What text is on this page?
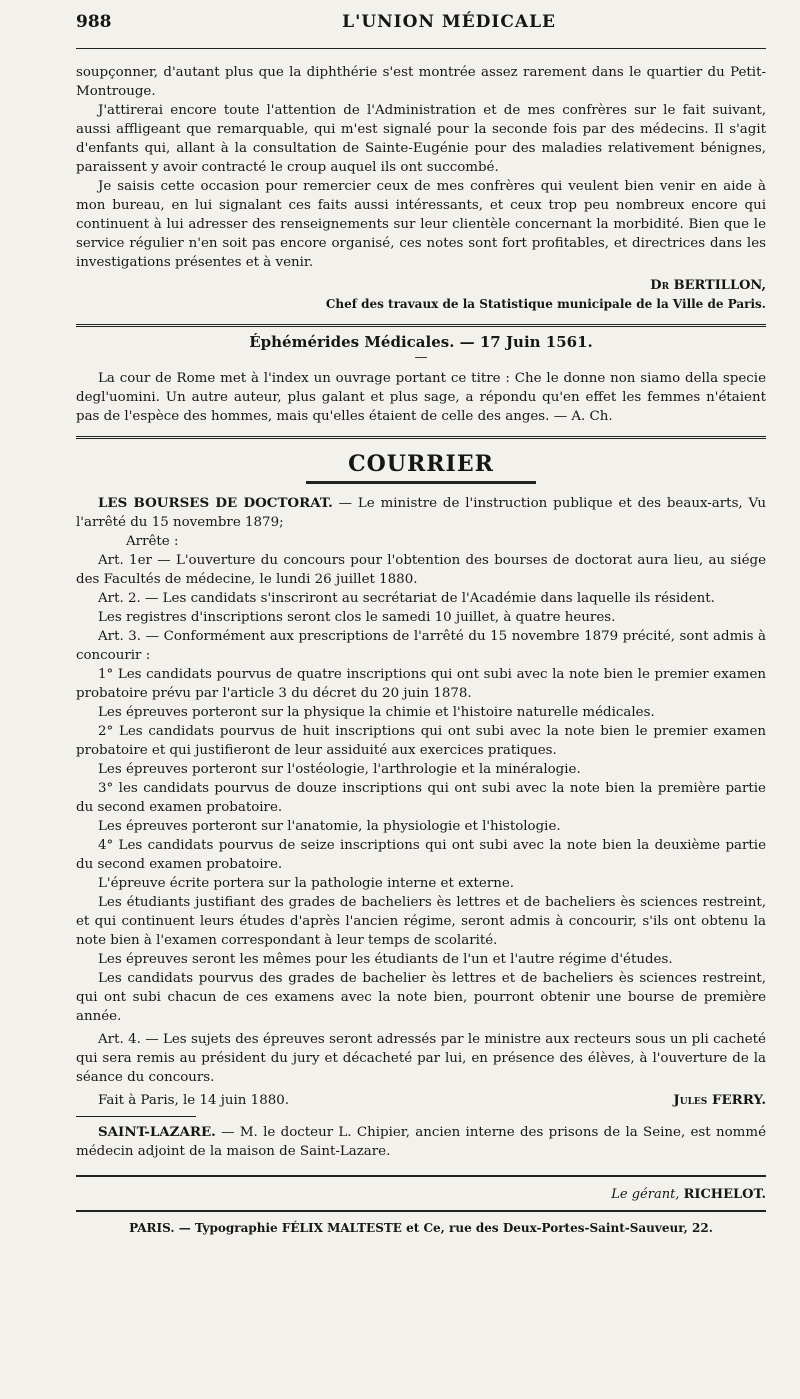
988	L'UNION MÉDICALE

soupçonner, d'autant plus que la diphthérie s'est montrée assez rarement dans le quartier du Petit-Montrouge.

J'attirerai encore toute l'attention de l'Administration et de mes confrères sur le fait suivant, aussi affligeant que remarquable, qui m'est signalé pour la seconde fois par des médecins. Il s'agit d'enfants qui, allant à la consultation de Sainte-Eugénie pour des maladies relativement bénignes, paraissent y avoir contracté le croup auquel ils ont succombé.

Je saisis cette occasion pour remercier ceux de mes confrères qui veulent bien venir en aide à mon bureau, en lui signalant ces faits aussi intéressants, et ceux trop peu nombreux encore qui continuent à lui adresser des renseignements sur leur clientèle concernant la morbidité. Bien que le service régulier n'en soit pas encore organisé, ces notes sont fort profitables, et directrices dans les investigations présentes et à venir.

Dr BERTILLON,
Chef des travaux de la Statistique municipale de la Ville de Paris.
Éphémérides Médicales. — 17 Juin 1561.
—

La cour de Rome met à l'index un ouvrage portant ce titre : Che le donne non siamo della specie degl'uomini. Un autre auteur, plus galant et plus sage, a répondu qu'en effet les femmes n'étaient pas de l'espèce des hommes, mais qu'elles étaient de celle des anges. — A. Ch.

COURRIER

LES BOURSES DE DOCTORAT. — Le ministre de l'instruction publique et des beaux-arts, Vu l'arrêté du 15 novembre 1879;

Arrête :

Art. 1er — L'ouverture du concours pour l'obtention des bourses de doctorat aura lieu, au siége des Facultés de médecine, le lundi 26 juillet 1880.

Art. 2. — Les candidats s'inscriront au secrétariat de l'Académie dans laquelle ils résident.

Les registres d'inscriptions seront clos le samedi 10 juillet, à quatre heures.

Art. 3. — Conformément aux prescriptions de l'arrêté du 15 novembre 1879 précité, sont admis à concourir :

1° Les candidats pourvus de quatre inscriptions qui ont subi avec la note bien le premier examen probatoire prévu par l'article 3 du décret du 20 juin 1878.

Les épreuves porteront sur la physique la chimie et l'histoire naturelle médicales.

2° Les candidats pourvus de huit inscriptions qui ont subi avec la note bien le premier examen probatoire et qui justifieront de leur assiduité aux exercices pratiques.

Les épreuves porteront sur l'ostéologie, l'arthrologie et la minéralogie.

3° les candidats pourvus de douze inscriptions qui ont subi avec la note bien la première partie du second examen probatoire.

Les épreuves porteront sur l'anatomie, la physiologie et l'histologie.

4° Les candidats pourvus de seize inscriptions qui ont subi avec la note bien la deuxième partie du second examen probatoire.

L'épreuve écrite portera sur la pathologie interne et externe.

Les étudiants justifiant des grades de bacheliers ès lettres et de bacheliers ès sciences restreint, et qui continuent leurs études d'après l'ancien régime, seront admis à concourir, s'ils ont obtenu la note bien à l'examen correspondant à leur temps de scolarité.

Les épreuves seront les mêmes pour les étudiants de l'un et l'autre régime d'études.

Les candidats pourvus des grades de bachelier ès lettres et de bacheliers ès sciences restreint, qui ont subi chacun de ces examens avec la note bien, pourront obtenir une bourse de première année.

Art. 4. — Les sujets des épreuves seront adressés par le ministre aux recteurs sous un pli cacheté qui sera remis au président du jury et décacheté par lui, en présence des élèves, à l'ouverture de la séance du concours.

Fait à Paris, le 14 juin 1880.	Jules FERRY.

SAINT-LAZARE. — M. le docteur L. Chipier, ancien interne des prisons de la Seine, est nommé médecin adjoint de la maison de Saint-Lazare.

Le gérant, RICHELOT.
PARIS. — Typographie FÉLIX MALTESTE et Ce, rue des Deux-Portes-Saint-Sauveur, 22.
